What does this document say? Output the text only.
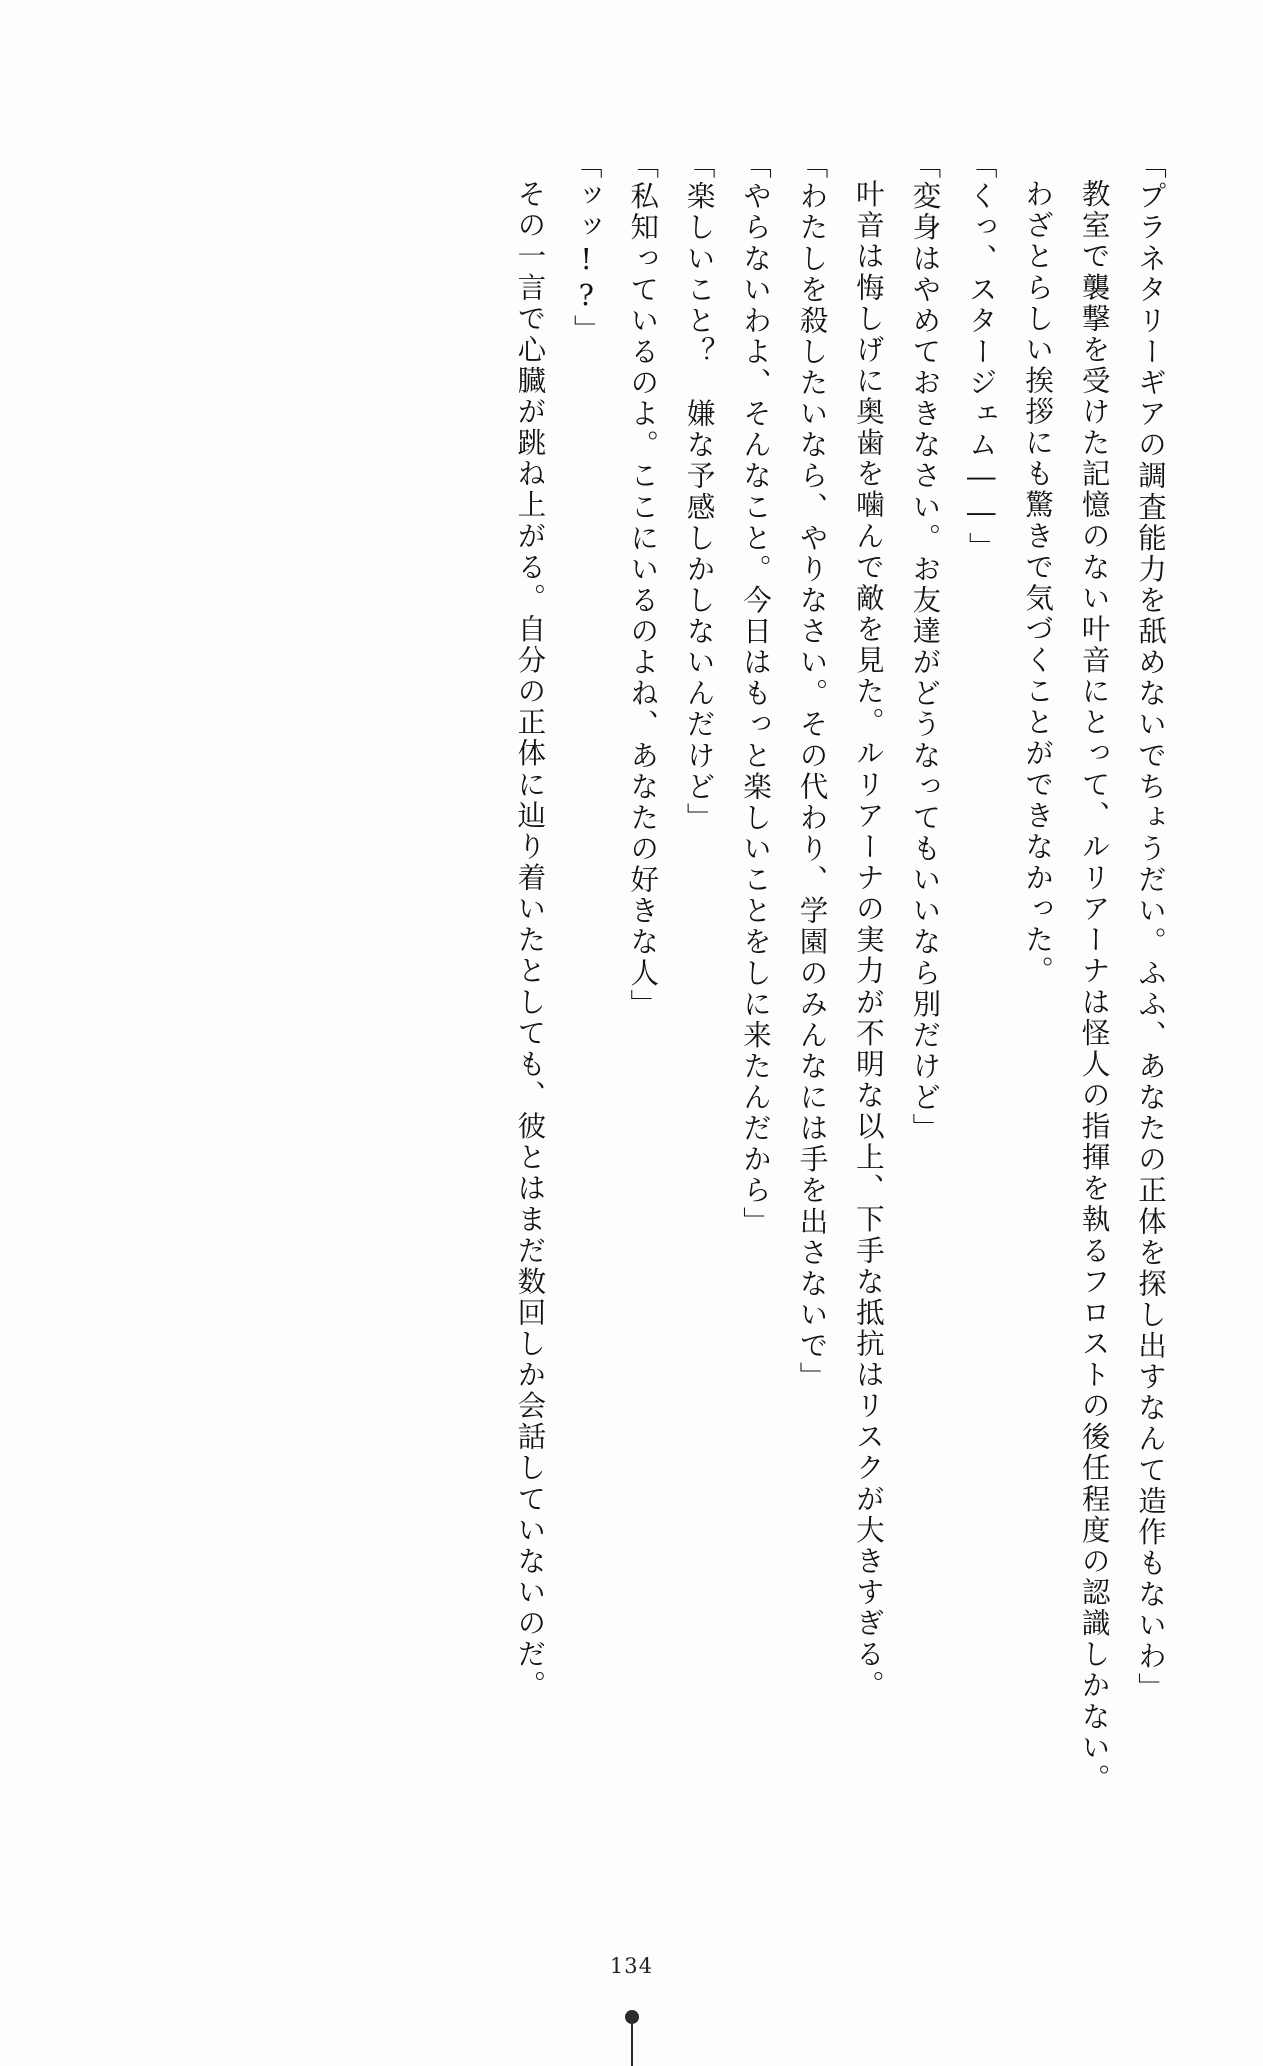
「プラネタリーギアの調査能力を舐めないでちょうだい。ふふ、あなたの正体を探し出すなんて造作もないわ」

教室で襲撃を受けた記憶のない叶音にとって、ルリアーナは怪人の指揮を執るフロストの後任程度の認識しかない。

わざとらしい挨拶にも驚きで気づくことができなかった。

「くっ、スタージェム――」

「変身はやめておきなさい。お友達がどうなってもいいなら別だけど」

叶音は悔しげに奥歯を噛んで敵を見た。ルリアーナの実力が不明な以上、下手な抵抗はリスクが大きすぎる。

「わたしを殺したいなら、やりなさい。その代わり、学園のみんなには手を出さないで」

「やらないわよ、そんなこと。今日はもっと楽しいことをしに来たんだから」

「楽しいこと？　嫌な予感しかしないんだけど」

「私知っているのよ。ここにいるのよね、あなたの好きな人」

「ッッ!?」

その一言で心臓が跳ね上がる。自分の正体に辿り着いたとしても、彼とはまだ数回しか会話していないのだ。

134
